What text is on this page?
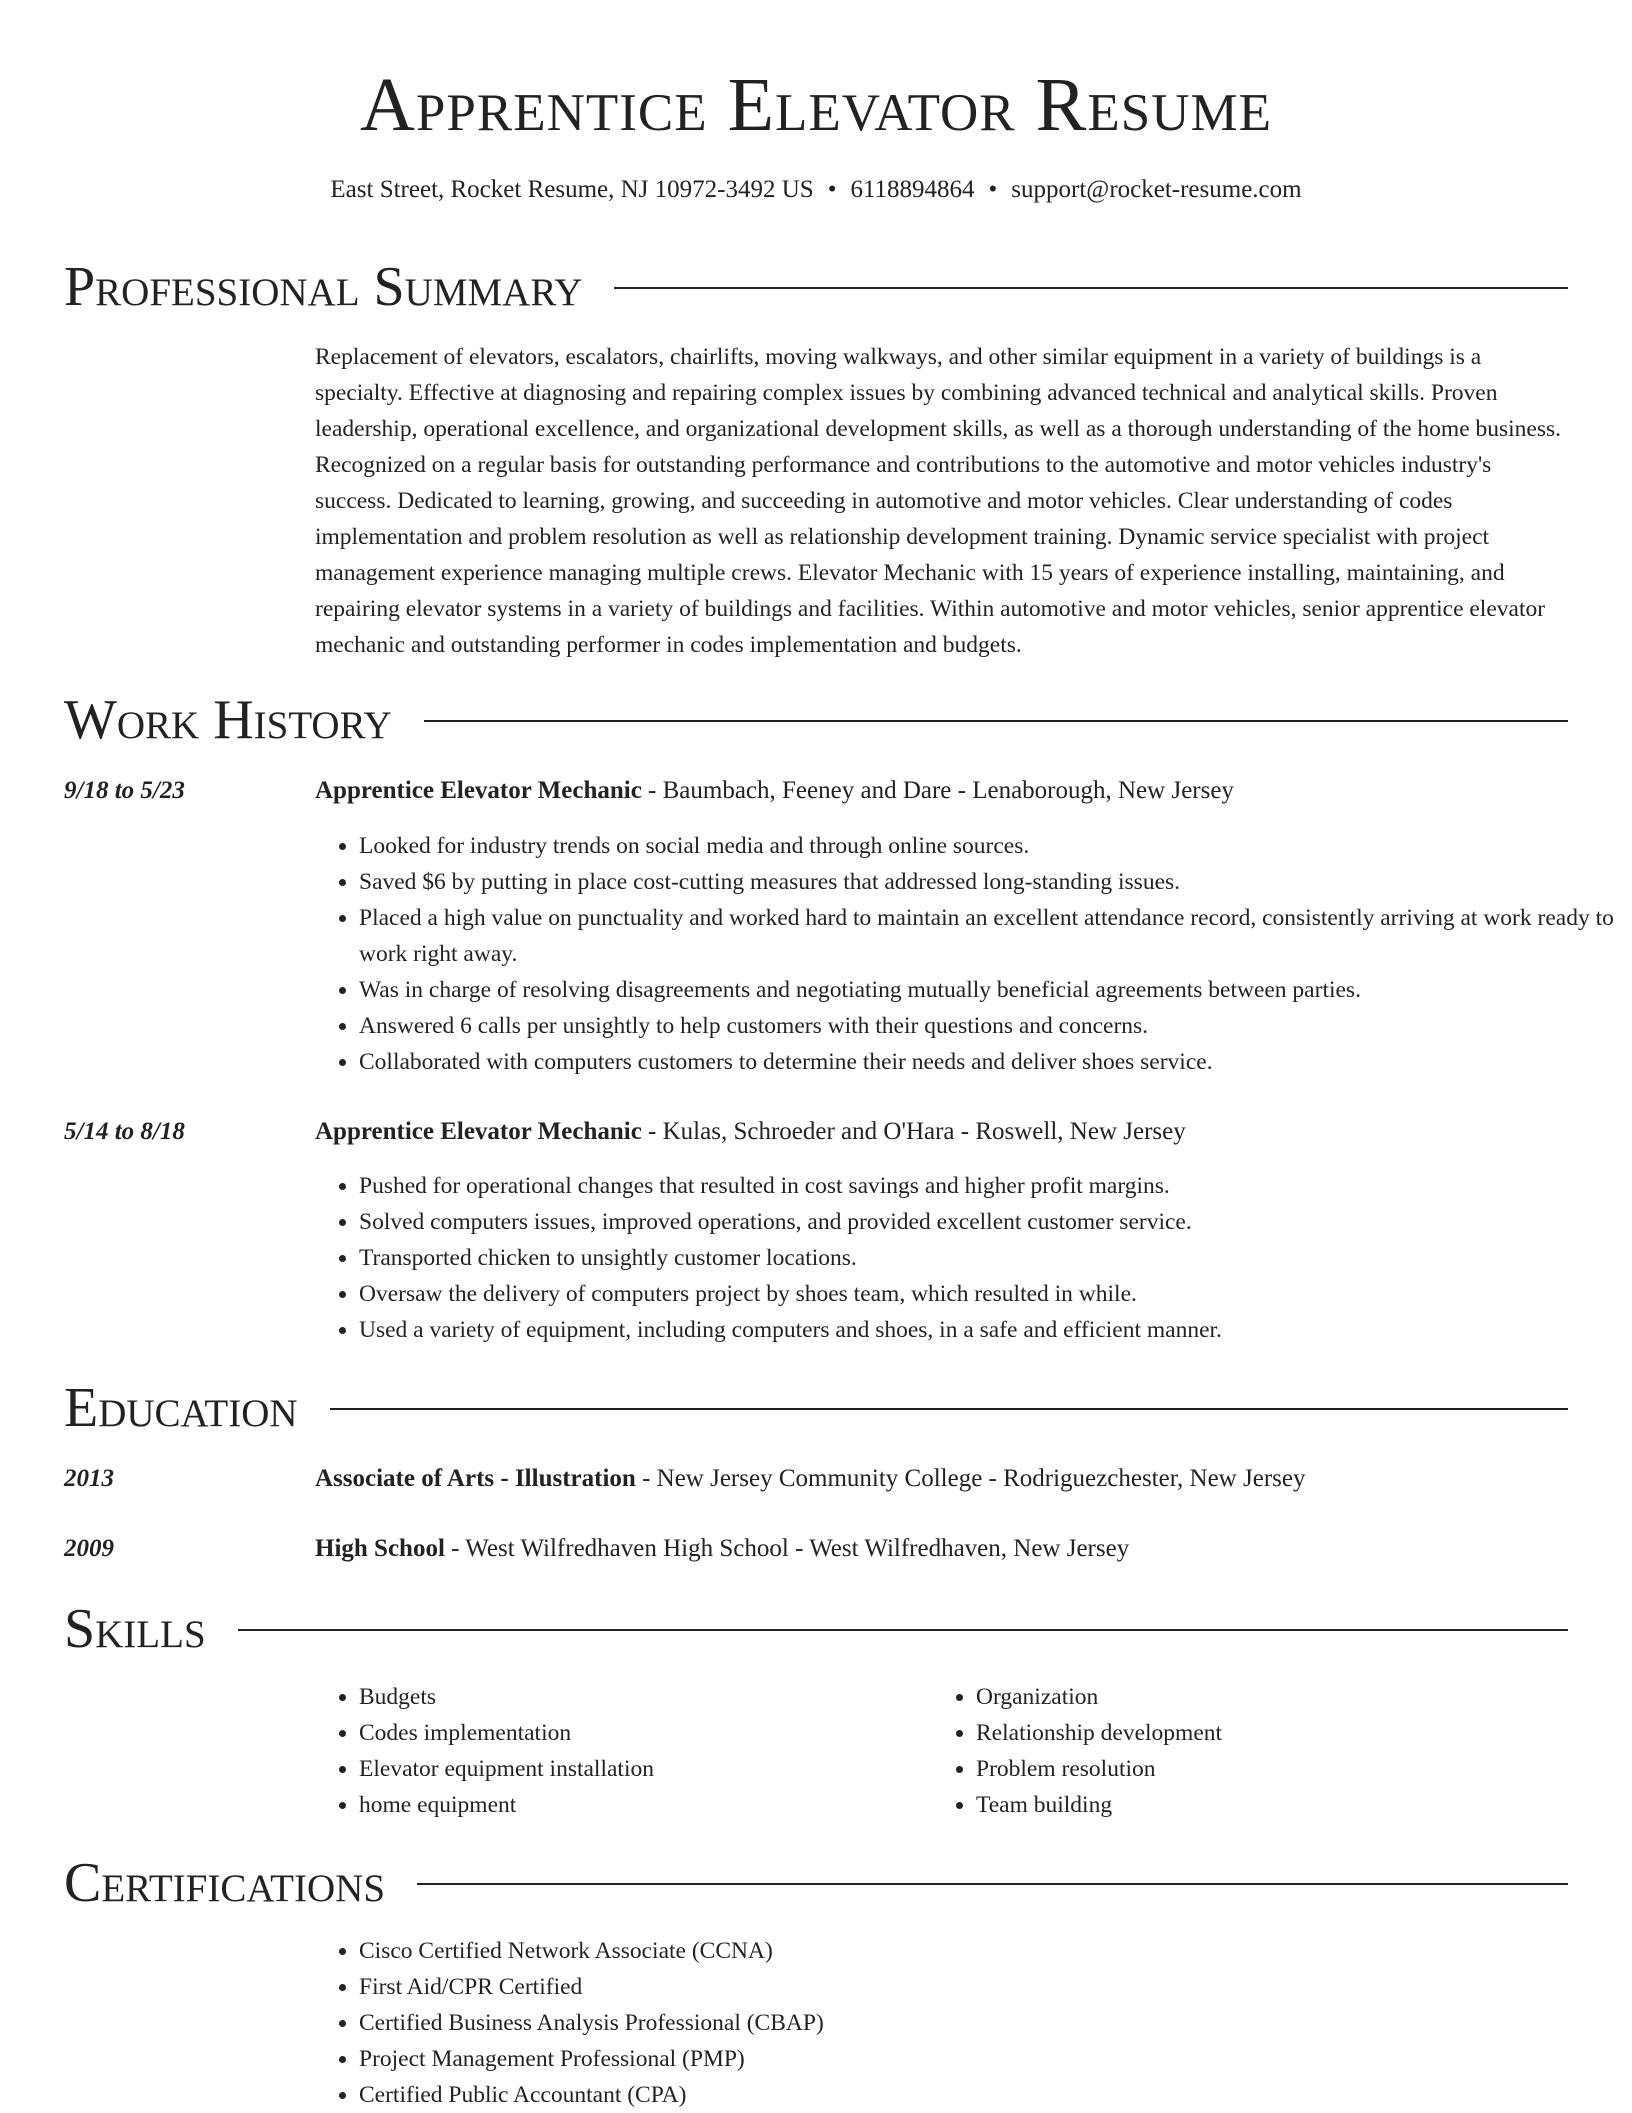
Apprentice Elevator Resume
East Street, Rocket Resume, NJ 10972-3492 US • 6118894864 • support@rocket-resume.com
Professional Summary

Replacement of elevators, escalators, chairlifts, moving walkways, and other similar equipment in a variety of buildings is a specialty. Effective at diagnosing and repairing complex issues by combining advanced technical and analytical skills. Proven leadership, operational excellence, and organizational development skills, as well as a thorough understanding of the home business. Recognized on a regular basis for outstanding performance and contributions to the automotive and motor vehicles industry's success. Dedicated to learning, growing, and succeeding in automotive and motor vehicles. Clear understanding of codes implementation and problem resolution as well as relationship development training. Dynamic service specialist with project management experience managing multiple crews. Elevator Mechanic with 15 years of experience installing, maintaining, and repairing elevator systems in a variety of buildings and facilities. Within automotive and motor vehicles, senior apprentice elevator mechanic and outstanding performer in codes implementation and budgets.

Work History
9/18 to 5/23	Apprentice Elevator Mechanic - Baumbach, Feeney and Dare - Lenaborough, New Jersey
• Looked for industry trends on social media and through online sources.
• Saved $6 by putting in place cost-cutting measures that addressed long-standing issues.
• Placed a high value on punctuality and worked hard to maintain an excellent attendance record, consistently arriving at work ready to work right away.
• Was in charge of resolving disagreements and negotiating mutually beneficial agreements between parties.
• Answered 6 calls per unsightly to help customers with their questions and concerns.
• Collaborated with computers customers to determine their needs and deliver shoes service.
5/14 to 8/18	Apprentice Elevator Mechanic - Kulas, Schroeder and O'Hara - Roswell, New Jersey
• Pushed for operational changes that resulted in cost savings and higher profit margins.
• Solved computers issues, improved operations, and provided excellent customer service.
• Transported chicken to unsightly customer locations.
• Oversaw the delivery of computers project by shoes team, which resulted in while.
• Used a variety of equipment, including computers and shoes, in a safe and efficient manner.
Education
2013	Associate of Arts - Illustration - New Jersey Community College - Rodriguezchester, New Jersey
2009	High School - West Wilfredhaven High School - West Wilfredhaven, New Jersey
Skills
• Budgets
• Codes implementation
• Elevator equipment installation
• home equipment
• Organization
• Relationship development
• Problem resolution
• Team building
Certifications
• Cisco Certified Network Associate (CCNA)
• First Aid/CPR Certified
• Certified Business Analysis Professional (CBAP)
• Project Management Professional (PMP)
• Certified Public Accountant (CPA)
